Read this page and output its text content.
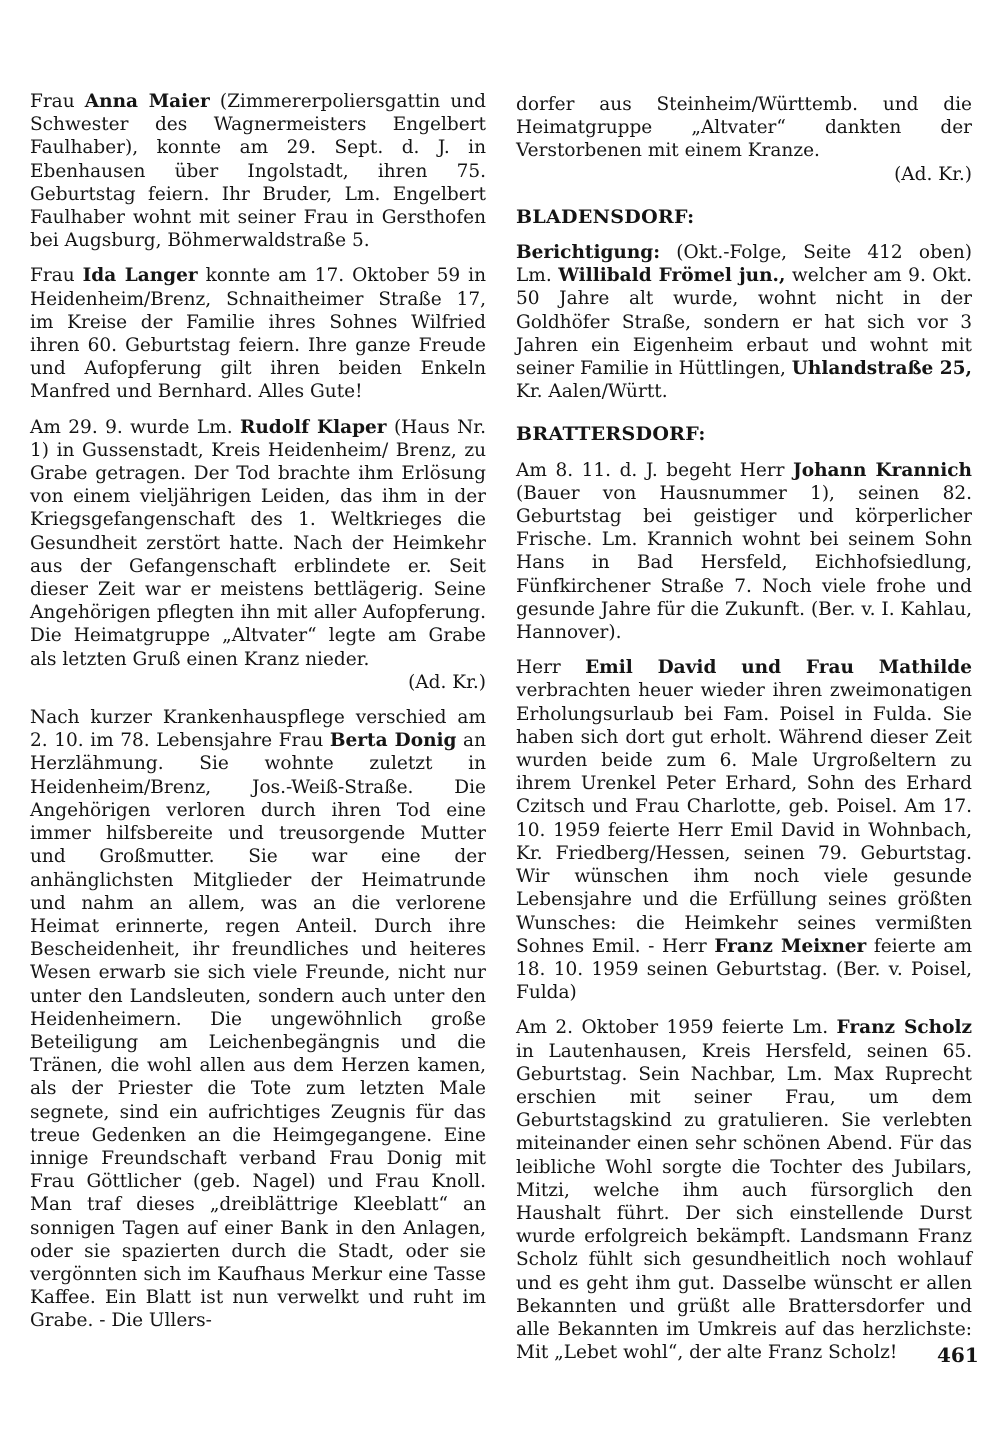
Frau Anna Maier (Zimmererpoliersgattin und Schwester des Wagnermeisters Engelbert Faulhaber), konnte am 29. Sept. d. J. in Ebenhausen über Ingolstadt, ihren 75. Geburtstag feiern. Ihr Bruder, Lm. Engelbert Faulhaber wohnt mit seiner Frau in Gersthofen bei Augsburg, Böhmerwaldstraße 5.

Frau Ida Langer konnte am 17. Oktober 59 in Heidenheim/Brenz, Schnaitheimer Straße 17, im Kreise der Familie ihres Sohnes Wilfried ihren 60. Geburtstag feiern. Ihre ganze Freude und Aufopferung gilt ihren beiden Enkeln Manfred und Bernhard. Alles Gute!

Am 29. 9. wurde Lm. Rudolf Klaper (Haus Nr. 1) in Gussenstadt, Kreis Heidenheim/ Brenz, zu Grabe getragen. Der Tod brachte ihm Erlösung von einem vieljährigen Leiden, das ihm in der Kriegsgefangenschaft des 1. Weltkrieges die Gesundheit zerstört hatte. Nach der Heimkehr aus der Gefangenschaft erblindete er. Seit dieser Zeit war er meistens bettlägerig. Seine Angehörigen pflegten ihn mit aller Aufopferung. Die Heimatgruppe „Altvater“ legte am Grabe als letzten Gruß einen Kranz nieder.
(Ad. Kr.)

Nach kurzer Krankenhauspflege verschied am 2. 10. im 78. Lebensjahre Frau Berta Donig an Herzlähmung. Sie wohnte zuletzt in Heidenheim/Brenz, Jos.-Weiß-Straße. Die Angehörigen verloren durch ihren Tod eine immer hilfsbereite und treusorgende Mutter und Großmutter. Sie war eine der anhänglichsten Mitglieder der Heimatrunde und nahm an allem, was an die verlorene Heimat erinnerte, regen Anteil. Durch ihre Bescheidenheit, ihr freundliches und heiteres Wesen erwarb sie sich viele Freunde, nicht nur unter den Landsleuten, sondern auch unter den Heidenheimern. Die ungewöhnlich große Beteiligung am Leichenbegängnis und die Tränen, die wohl allen aus dem Herzen kamen, als der Priester die Tote zum letzten Male segnete, sind ein aufrichtiges Zeugnis für das treue Gedenken an die Heimgegangene. Eine innige Freundschaft verband Frau Donig mit Frau Göttlicher (geb. Nagel) und Frau Knoll. Man traf dieses „dreiblättrige Kleeblatt“ an sonnigen Tagen auf einer Bank in den Anlagen, oder sie spazierten durch die Stadt, oder sie vergönnten sich im Kaufhaus Merkur eine Tasse Kaffee. Ein Blatt ist nun verwelkt und ruht im Grabe. - Die Ullers-

dorfer aus Steinheim/Württemb. und die Heimatgruppe „Altvater“ dankten der Verstorbenen mit einem Kranze.
(Ad. Kr.)

BLADENSDORF:

Berichtigung: (Okt.-Folge, Seite 412 oben) Lm. Willibald Frömel jun., welcher am 9. Okt. 50 Jahre alt wurde, wohnt nicht in der Goldhöfer Straße, sondern er hat sich vor 3 Jahren ein Eigenheim erbaut und wohnt mit seiner Familie in Hüttlingen, Uhlandstraße 25, Kr. Aalen/Württ.

BRATTERSDORF:

Am 8. 11. d. J. begeht Herr Johann Krannich (Bauer von Hausnummer 1), seinen 82. Geburtstag bei geistiger und körperlicher Frische. Lm. Krannich wohnt bei seinem Sohn Hans in Bad Hersfeld, Eichhofsiedlung, Fünfkirchener Straße 7. Noch viele frohe und gesunde Jahre für die Zukunft. (Ber. v. I. Kahlau, Hannover).

Herr Emil David und Frau Mathilde verbrachten heuer wieder ihren zweimonatigen Erholungsurlaub bei Fam. Poisel in Fulda. Sie haben sich dort gut erholt. Während dieser Zeit wurden beide zum 6. Male Urgroßeltern zu ihrem Urenkel Peter Erhard, Sohn des Erhard Czitsch und Frau Charlotte, geb. Poisel. Am 17. 10. 1959 feierte Herr Emil David in Wohnbach, Kr. Friedberg/Hessen, seinen 79. Geburtstag. Wir wünschen ihm noch viele gesunde Lebensjahre und die Erfüllung seines größten Wunsches: die Heimkehr seines vermißten Sohnes Emil. - Herr Franz Meixner feierte am 18. 10. 1959 seinen Geburtstag. (Ber. v. Poisel, Fulda)

Am 2. Oktober 1959 feierte Lm. Franz Scholz in Lautenhausen, Kreis Hersfeld, seinen 65. Geburtstag. Sein Nachbar, Lm. Max Ruprecht erschien mit seiner Frau, um dem Geburtstagskind zu gratulieren. Sie verlebten miteinander einen sehr schönen Abend. Für das leibliche Wohl sorgte die Tochter des Jubilars, Mitzi, welche ihm auch fürsorglich den Haushalt führt. Der sich einstellende Durst wurde erfolgreich bekämpft. Landsmann Franz Scholz fühlt sich gesundheitlich noch wohlauf und es geht ihm gut. Dasselbe wünscht er allen Bekannten und grüßt alle Brattersdorfer und alle Bekannten im Umkreis auf das herzlichste: Mit „Lebet wohl“, der alte Franz Scholz!	461
